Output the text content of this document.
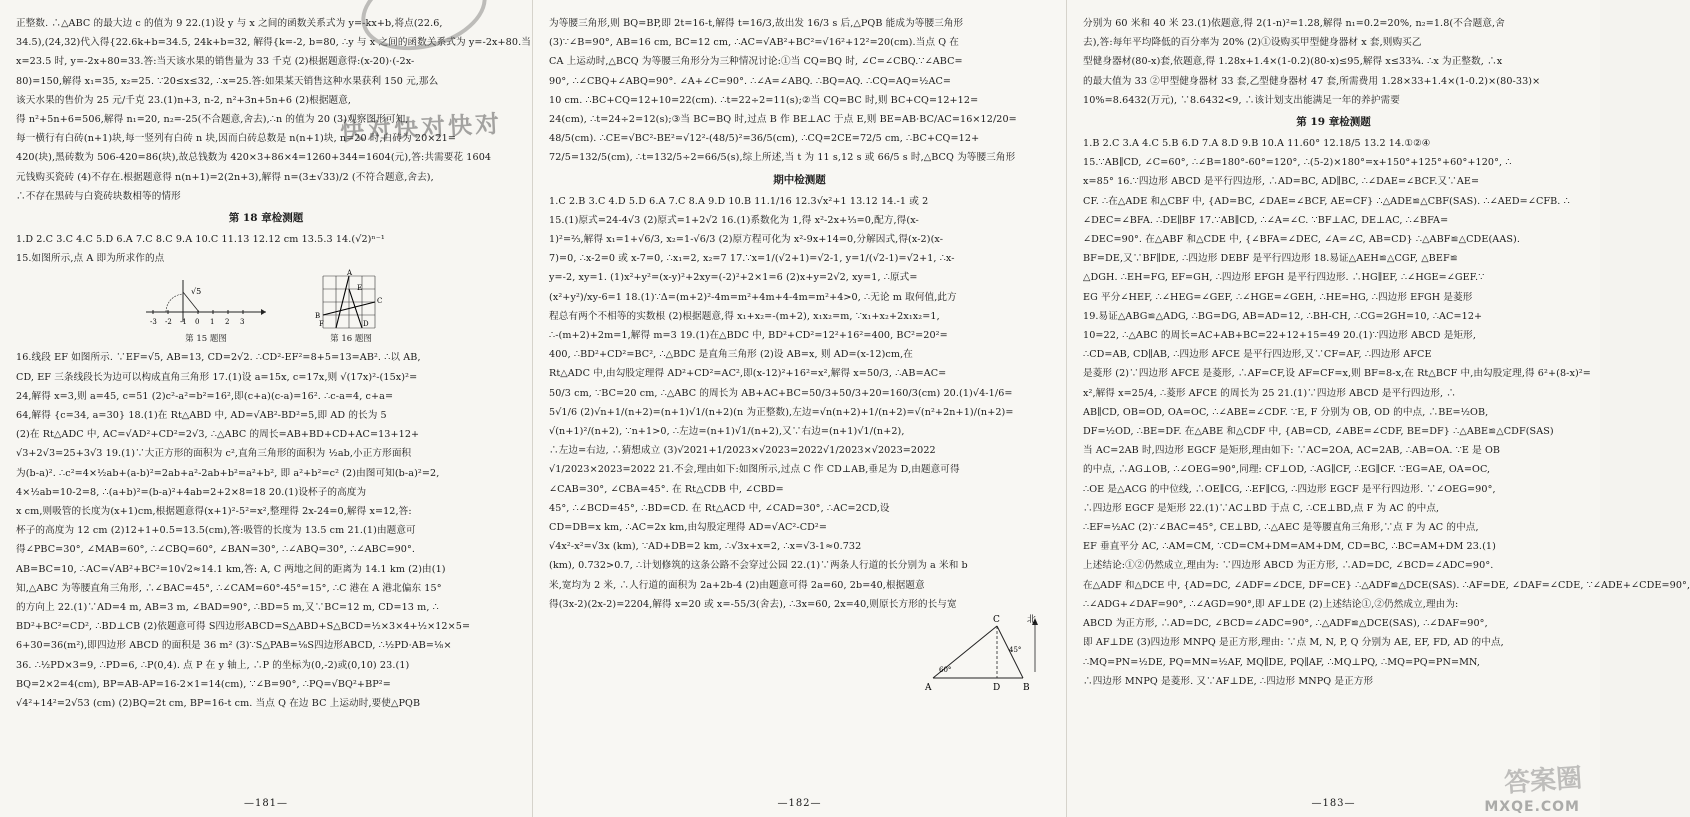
正整数. ∴△ABC 的最大边 c 的值为 9 22.(1)设 y 与 x 之间的函数关系式为 y=-kx+b,将点(22.6,
34.5),(24,32)代入得{22.6k+b=34.5, 24k+b=32, 解得{k=-2, b=80, ∴y 与 x 之间的函数关系式为 y=-2x+80.当
x=23.5 时, y=-2x+80=33.答:当天该水果的销售量为 33 千克 (2)根据题意得:(x-20)·(-2x-
80)=150,解得 x₁=35, x₂=25. ∵20≤x≤32, ∴x=25.答:如果某天销售这种水果获利 150 元,那么
该天水果的售价为 25 元/千克 23.(1)n+3, n-2, n²+3n+5n+6 (2)根据题意,
得 n²+5n+6=506,解得 n₁=20, n₂=-25(不合题意,舍去),∴n 的值为 20 (3)观察图形可知,
每一横行有白砖(n+1)块,每一竖列有白砖 n 块,因而白砖总数是 n(n+1)块, n=20 时,白砖为 20×21=
420(块),黑砖数为 506-420=86(块),故总钱数为 420×3+86×4=1260+344=1604(元),答:共需要花 1604
元钱购买瓷砖 (4)不存在.根据题意得 n(n+1)=2(2n+3),解得 n=(3±√33)/2 (不符合题意,舍去),
∴不存在黑砖与白瓷砖块数相等的情形
第 18 章检测题
1.D 2.C 3.C 4.C 5.D 6.A 7.C 8.C 9.A 10.C 11.13 12.12 cm 13.5.3 14.(√2)ⁿ⁻¹
15.如图所示,点 A 即为所求作的点
√5
-3 -2 -1 0 1 2 3
第 15 题图
A
E
C
B
F	D
第 16 题图
16.线段 EF 如图所示. ∵EF=√5, AB=13, CD=2√2. ∴CD²-EF²=8+5=13=AB². ∴以 AB,
CD, EF 三条线段长为边可以构成直角三角形 17.(1)设 a=15x, c=17x,则 √(17x)²-(15x)²=
24,解得 x=3,则 a=45, c=51 (2)c²-a²=b²=16²,即(c+a)(c-a)=16². ∴c-a=4, c+a=
64,解得 {c=34, a=30} 18.(1)在 Rt△ABD 中, AD=√AB²-BD²=5,即 AD 的长为 5
(2)在 Rt△ADC 中, AC=√AD²+CD²=2√3, ∴△ABC 的周长=AB+BD+CD+AC=13+12+
√3+2√3=25+3√3 19.(1)∵大正方形的面积为 c²,直角三角形的面积为 ½ab,小正方形面积
为(b-a)². ∴c²=4×½ab+(a-b)²=2ab+a²-2ab+b²=a²+b², 即 a²+b²=c² (2)由图可知(b-a)²=2,
4×½ab=10-2=8, ∴(a+b)²=(b-a)²+4ab=2+2×8=18 20.(1)设杯子的高度为
x cm,则吸管的长度为(x+1)cm,根据题意得(x+1)²-5²=x²,整理得 2x-24=0,解得 x=12,答:
杯子的高度为 12 cm (2)12+1+0.5=13.5(cm),答:吸管的长度为 13.5 cm 21.(1)由题意可
得∠PBC=30°, ∠MAB=60°, ∴∠CBQ=60°, ∠BAN=30°, ∴∠ABQ=30°, ∴∠ABC=90°.
AB=BC=10, ∴AC=√AB²+BC²=10√2≈14.1 km,答: A, C 两地之间的距离为 14.1 km (2)由(1)
知,△ABC 为等腰直角三角形, ∴∠BAC=45°, ∴∠CAM=60°-45°=15°, ∴C 港在 A 港北偏东 15°
的方向上 22.(1)∵AD=4 m, AB=3 m, ∠BAD=90°, ∴BD=5 m,又∵BC=12 m, CD=13 m, ∴
BD²+BC²=CD², ∴BD⊥CB (2)依题意可得 S四边形ABCD=S△ABD+S△BCD=½×3×4+½×12×5=
6+30=36(m²),即四边形 ABCD 的面积是 36 m² (3)∵S△PAB=⅛S四边形ABCD, ∴½PD·AB=⅛×
36. ∴½PD×3=9, ∴PD=6, ∴P(0,4). 点 P 在 y 轴上, ∴P 的坐标为(0,-2)或(0,10) 23.(1)
BQ=2×2=4(cm), BP=AB-AP=16-2×1=14(cm), ∵∠B=90°, ∴PQ=√BQ²+BP²=
√4²+14²=2√53 (cm) (2)BQ=2t cm, BP=16-t cm. 当点 Q 在边 BC 上运动时,要使△PQB
—181—
为等腰三角形,则 BQ=BP,即 2t=16-t,解得 t=16/3,故出发 16/3 s 后,△PQB 能成为等腰三角形
(3)∵∠B=90°, AB=16 cm, BC=12 cm, ∴AC=√AB²+BC²=√16²+12²=20(cm).当点 Q 在
CA 上运动时,△BCQ 为等腰三角形分为三种情况讨论:①当 CQ=BQ 时, ∠C=∠CBQ.∵∠ABC=
90°, ∴∠CBQ+∠ABQ=90°. ∠A+∠C=90°. ∴∠A=∠ABQ. ∴BQ=AQ. ∴CQ=AQ=½AC=
10 cm. ∴BC+CQ=12+10=22(cm). ∴t=22÷2=11(s);②当 CQ=BC 时,则 BC+CQ=12+12=
24(cm), ∴t=24÷2=12(s);③当 BC=BQ 时,过点 B 作 BE⊥AC 于点 E,则 BE=AB·BC/AC=16×12/20=
48/5(cm). ∴CE=√BC²-BE²=√12²-(48/5)²=36/5(cm), ∴CQ=2CE=72/5 cm, ∴BC+CQ=12+
72/5=132/5(cm), ∴t=132/5÷2=66/5(s),综上所述,当 t 为 11 s,12 s 或 66/5 s 时,△BCQ 为等腰三角形
期中检测题
1.C 2.B 3.C 4.D 5.D 6.A 7.C 8.A 9.D 10.B 11.1/16 12.3√x²+1 13.12 14.-1 或 2
15.(1)原式=24-4√3 (2)原式=1+2√2 16.(1)系数化为 1,得 x²-2x+⅓=0,配方,得(x-
1)²=⅔,解得 x₁=1+√6/3, x₂=1-√6/3 (2)原方程可化为 x²-9x+14=0,分解因式,得(x-2)(x-
7)=0, ∴x-2=0 或 x-7=0, ∴x₁=2, x₂=7 17.∵x=1/(√2+1)=√2-1, y=1/(√2-1)=√2+1, ∴x-
y=-2, xy=1. (1)x²+y²=(x-y)²+2xy=(-2)²+2×1=6 (2)x+y=2√2, xy=1, ∴原式=
(x²+y²)/xy-6=1 18.(1)∵Δ=(m+2)²-4m=m²+4m+4-4m=m²+4>0, ∴无论 m 取何值,此方
程总有两个不相等的实数根 (2)根据题意,得 x₁+x₂=-(m+2), x₁x₂=m, ∵x₁+x₂+2x₁x₂=1,
∴-(m+2)+2m=1,解得 m=3 19.(1)在△BDC 中, BD²+CD²=12²+16²=400, BC²=20²=
400, ∴BD²+CD²=BC², ∴△BDC 是直角三角形 (2)设 AB=x, 则 AD=(x-12)cm,在
Rt△ADC 中,由勾股定理得 AD²+CD²=AC²,即(x-12)²+16²=x²,解得 x=50/3, ∴AB=AC=
50/3 cm, ∵BC=20 cm, ∴△ABC 的周长为 AB+AC+BC=50/3+50/3+20=160/3(cm) 20.(1)√4-1/6=
5√1/6 (2)√n+1/(n+2)=(n+1)√1/(n+2)(n 为正整数),左边=√n(n+2)+1/(n+2)=√(n²+2n+1)/(n+2)=
√(n+1)²/(n+2), ∵n+1>0, ∴左边=(n+1)√1/(n+2),又∵右边=(n+1)√1/(n+2),
∴左边=右边, ∴猜想成立 (3)√2021+1/2023×√2023=2022√1/2023×√2023=2022
√1/2023×2023=2022 21.不会,理由如下:如图所示,过点 C 作 CD⊥AB,垂足为 D,由题意可得
∠CAB=30°, ∠CBA=45°. 在 Rt△CDB 中, ∠CBD=
45°, ∴∠BCD=45°, ∴BD=CD. 在 Rt△ACD 中, ∠CAD=30°, ∴AC=2CD,设
CD=DB=x km, ∴AC=2x km,由勾股定理得 AD=√AC²-CD²=
√4x²-x²=√3x (km), ∵AD+DB=2 km, ∴√3x+x=2, ∴x=√3-1≈0.732
(km), 0.732>0.7, ∴计划修筑的这条公路不会穿过公园 22.(1)∵两条人行道的长分别为 a 米和 b
米,宽均为 2 米, ∴人行道的面积为 2a+2b-4 (2)由题意可得 2a=60, 2b=40,根据题意
得(3x-2)(2x-2)=2204,解得 x=20 或 x=-55/3(舍去), ∴3x=60, 2x=40,则原长方形的长与宽
C	北
A	D	B
60°
45°
—182—
分别为 60 米和 40 米 23.(1)依题意,得 2(1-n)²=1.28,解得 n₁=0.2=20%, n₂=1.8(不合题意,舍
去),答:每年平均降低的百分率为 20% (2)①设购买甲型健身器材 x 套,则购买乙
型健身器材(80-x)套,依题意,得 1.28x+1.4×(1-0.2)(80-x)≤95,解得 x≤33¾. ∴x 为正整数, ∴x
的最大值为 33 ②甲型健身器材 33 套,乙型健身器材 47 套,所需费用 1.28×33+1.4×(1-0.2)×(80-33)×
10%=8.6432(万元), ∵8.6432<9, ∴该计划支出能满足一年的养护需要
第 19 章检测题
1.B 2.C 3.A 4.C 5.B 6.D 7.A 8.D 9.B 10.A 11.60° 12.18/5 13.2 14.①②④
15.∵AB∥CD, ∠C=60°, ∴∠B=180°-60°=120°, ∴(5-2)×180°=x+150°+125°+60°+120°, ∴
x=85° 16.∵四边形 ABCD 是平行四边形, ∴AD=BC, AD∥BC, ∴∠DAE=∠BCF.又∵AE=
CF. ∴在△ADE 和△CBF 中, {AD=BC, ∠DAE=∠BCF, AE=CF} ∴△ADE≌△CBF(SAS). ∴∠AED=∠CFB. ∴
∠DEC=∠BFA. ∴DE∥BF 17.∵AB∥CD, ∴∠A=∠C. ∵BF⊥AC, DE⊥AC, ∴∠BFA=
∠DEC=90°. 在△ABF 和△CDE 中, {∠BFA=∠DEC, ∠A=∠C, AB=CD} ∴△ABF≌△CDE(AAS).
BF=DE,又∵BF∥DE, ∴四边形 DEBF 是平行四边形 18.易证△AEH≌△CGF, △BEF≌
△DGH. ∴EH=FG, EF=GH, ∴四边形 EFGH 是平行四边形. ∴HG∥EF, ∴∠HGE=∠GEF.∵
EG 平分∠HEF, ∴∠HEG=∠GEF, ∴∠HGE=∠GEH, ∴HE=HG, ∴四边形 EFGH 是菱形
19.易证△ABG≌△ADG, ∴BG=DG, AB=AD=12, ∴BH-CH, ∴CG=2GH=10, ∴AC=12+
10=22, ∴△ABC 的周长=AC+AB+BC=22+12+15=49 20.(1)∵四边形 ABCD 是矩形,
∴CD=AB, CD∥AB, ∴四边形 AFCE 是平行四边形,又∵CF=AF, ∴四边形 AFCE
是菱形 (2)∵四边形 AFCE 是菱形, ∴AF=CF,设 AF=CF=x,则 BF=8-x,在 Rt△BCF 中,由勾股定理,得 6²+(8-x)²=
x²,解得 x=25/4, ∴菱形 AFCE 的周长为 25 21.(1)∵四边形 ABCD 是平行四边形, ∴
AB∥CD, OB=OD, OA=OC, ∴∠ABE=∠CDF. ∵E, F 分别为 OB, OD 的中点, ∴BE=½OB,
DF=½OD, ∴BE=DF. 在△ABE 和△CDF 中, {AB=CD, ∠ABE=∠CDF, BE=DF} ∴△ABE≌△CDF(SAS)
当 AC=2AB 时,四边形 EGCF 是矩形,理由如下: ∵AC=2OA, AC=2AB, ∴AB=OA. ∵E 是 OB
的中点, ∴AG⊥OB, ∴∠OEG=90°,同理: CF⊥OD, ∴AG∥CF, ∴EG∥CF. ∵EG=AE, OA=OC,
∴OE 是△ACG 的中位线, ∴OE∥CG, ∴EF∥CG, ∴四边形 EGCF 是平行四边形. ∵∠OEG=90°,
∴四边形 EGCF 是矩形 22.(1)∵AC⊥BD 于点 C, ∴CE⊥BD,点 F 为 AC 的中点,
∴EF=½AC (2)∵∠BAC=45°, CE⊥BD, ∴△AEC 是等腰直角三角形,∵点 F 为 AC 的中点,
EF 垂直平分 AC, ∴AM=CM, ∵CD=CM+DM=AM+DM, CD=BC, ∴BC=AM+DM 23.(1)
上述结论:①②仍然成立,理由为: ∵四边形 ABCD 为正方形, ∴AD=DC, ∠BCD=∠ADC=90°.
在△ADF 和△DCE 中, {AD=DC, ∠ADF=∠DCE, DF=CE} ∴△ADF≌△DCE(SAS). ∴AF=DE, ∠DAF=∠CDE, ∵∠ADE+∠CDE=90°,
∴∠ADG+∠DAF=90°, ∴∠AGD=90°,即 AF⊥DE (2)上述结论①,②仍然成立,理由为:
ABCD 为正方形, ∴AD=DC, ∠BCD=∠ADC=90°, ∴△ADF≌△DCE(SAS), ∴∠DAF=90°,
即 AF⊥DE (3)四边形 MNPQ 是正方形,理由: ∵点 M, N, P, Q 分别为 AE, EF, FD, AD 的中点,
∴MQ=PN=½DE, PQ=MN=½AF, MQ∥DE, PQ∥AF, ∴MQ⊥PQ, ∴MQ=PQ=PN=MN,
∴四边形 MNPQ 是菱形. 又∵AF⊥DE, ∴四边形 MNPQ 是正方形
—183—
答案圈
MXQE.COM
快对快对快对
